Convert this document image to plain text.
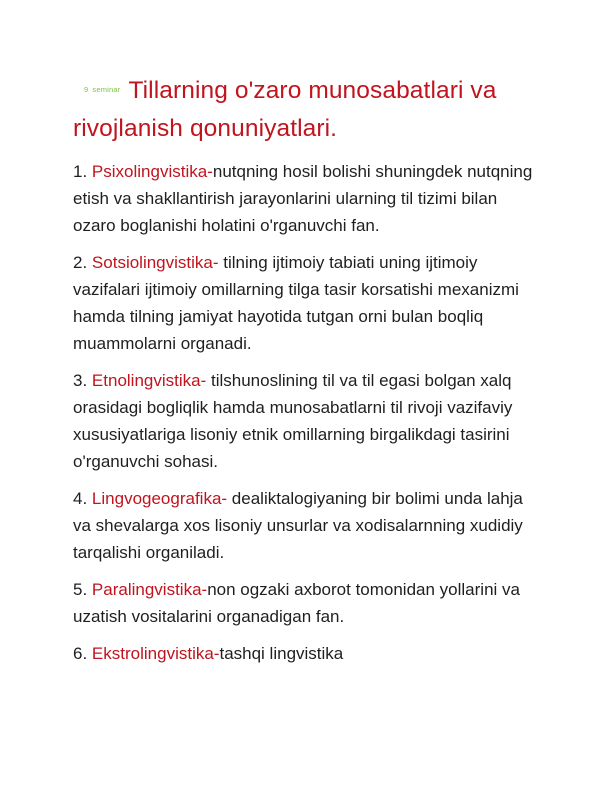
9 seminar Tillarning o'zaro munosabatlari va rivojlanish qonuniyatlari.

1. Psixolingvistika-nutqning hosil bolishi shuningdek nutqning etish va shakllantirish jarayonlarini ularning til tizimi bilan ozaro boglanishi holatini o'rganuvchi fan.

2. Sotsiolingvistika- tilning ijtimoiy tabiati uning ijtimoiy vazifalari ijtimoiy omillarning tilga tasir korsatishi mexanizmi hamda tilning jamiyat hayotida tutgan orni bulan boqliq muammolarni organadi.

3. Etnolingvistika- tilshunoslining til va til egasi bolgan xalq orasidagi bogliqlik hamda munosabatlarni til rivoji vazifaviy xususiyatlariga lisoniy etnik omillarning birgalikdagi tasirini o'rganuvchi sohasi.

4. Lingvogeografika- dealiktalogiyaning bir bolimi unda lahja va shevalarga xos lisoniy unsurlar va xodisalarnning xudidiy tarqalishi organiladi.

5. Paralingvistika-non ogzaki axborot tomonidan yollarini va uzatish vositalarini organadigan fan.

6. Ekstrolingvistika-tashqi lingvistika
